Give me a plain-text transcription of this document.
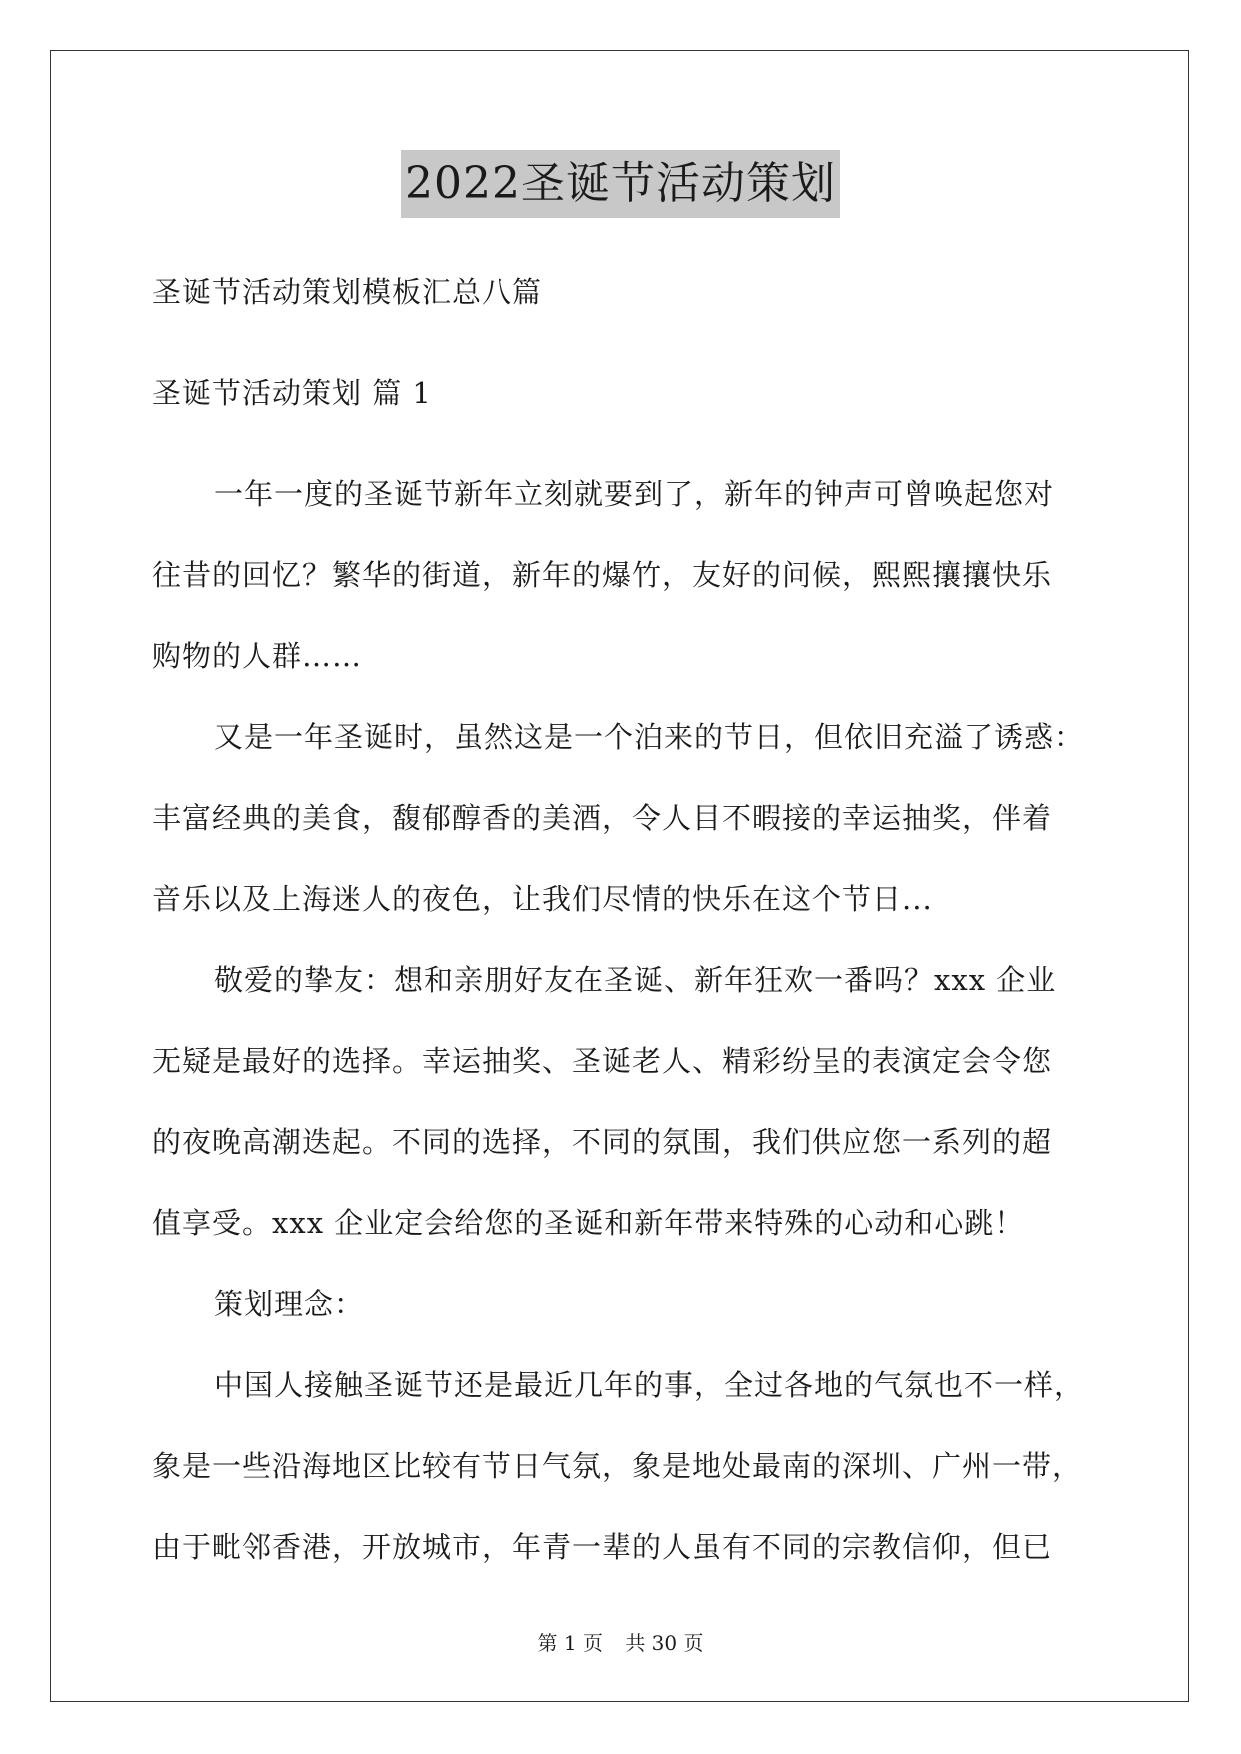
2022圣诞节活动策划
圣诞节活动策划模板汇总八篇
圣诞节活动策划 篇 1
一年一度的圣诞节新年立刻就要到了，新年的钟声可曾唤起您对
往昔的回忆？繁华的街道，新年的爆竹，友好的问候，熙熙攘攘快乐
购物的人群……
又是一年圣诞时，虽然这是一个泊来的节日，但依旧充溢了诱惑：
丰富经典的美食，馥郁醇香的美酒，令人目不暇接的幸运抽奖，伴着
音乐以及上海迷人的夜色，让我们尽情的快乐在这个节日...
敬爱的挚友：想和亲朋好友在圣诞、新年狂欢一番吗？xxx 企业
无疑是最好的选择。幸运抽奖、圣诞老人、精彩纷呈的表演定会令您
的夜晚高潮迭起。不同的选择，不同的氛围，我们供应您一系列的超
值享受。xxx 企业定会给您的圣诞和新年带来特殊的心动和心跳！
策划理念：
中国人接触圣诞节还是最近几年的事，全过各地的气氛也不一样，
象是一些沿海地区比较有节日气氛，象是地处最南的深圳、广州一带，
由于毗邻香港，开放城市，年青一辈的人虽有不同的宗教信仰，但已
第 1 页 共 30 页
